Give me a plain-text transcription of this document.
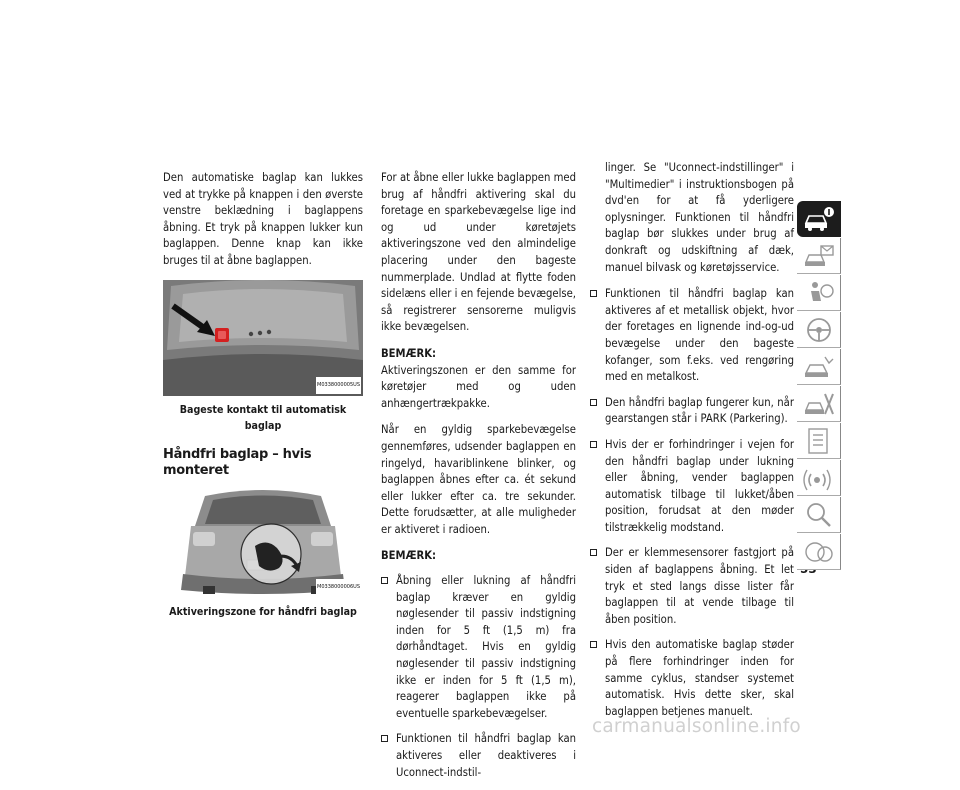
Den automatiske baglap kan lukkes ved at trykke på knappen i den øverste venstre beklædning i baglappens åbning. Et tryk på knappen lukker kun baglappen. Denne knap kan ikke bruges til at åbne baglappen.

M0338000005US
Bageste kontakt til automatisk baglap
Håndfri baglap – hvis monteret
M0338000006US
Aktiveringszone for håndfri baglap

For at åbne eller lukke baglappen med brug af håndfri aktivering skal du foretage en sparkebevægelse lige ind og ud under køretøjets aktiveringszone ved den almindelige placering under den bageste nummerplade. Undlad at flytte foden sidelæns eller i en fejende bevægelse, så registrerer sensorerne muligvis ikke bevægelsen.

BEMÆRK:

Aktiveringszonen er den samme for køretøjer med og uden anhængertrækpakke.

Når en gyldig sparkebevægelse gennemføres, udsender baglappen en ringelyd, havariblinkene blinker, og baglappen åbnes efter ca. ét sekund eller lukker efter ca. tre sekunder. Dette forudsætter, at alle muligheder er aktiveret i radioen.

BEMÆRK:
Åbning eller lukning af håndfri baglap kræver en gyldig nøglesender til passiv indstigning inden for 5 ft (1,5 m) fra dørhåndtaget. Hvis en gyldig nøglesender til passiv indstigning ikke er inden for 5 ft (1,5 m), reagerer baglappen ikke på eventuelle sparkebevægelser.
Funktionen til håndfri baglap kan aktiveres eller deaktiveres i Uconnect-indstil-

linger. Se "Uconnect-indstillinger" i "Multimedier" i instruktionsbogen på dvd'en for at få yderligere oplysninger. Funktionen til håndfri baglap bør slukkes under brug af donkraft og udskiftning af dæk, manuel bilvask og køretøjsservice.

Funktionen til håndfri baglap kan aktiveres af et metallisk objekt, hvor der foretages en lignende ind-og-ud bevægelse under den bageste kofanger, som f.eks. ved rengøring med en metalkost.
Den håndfri baglap fungerer kun, når gearstangen står i PARK (Parkering).
Hvis der er forhindringer i vejen for den håndfri baglap under lukning eller åbning, vender baglappen automatisk tilbage til lukket/åben position, forudsat at den møder tilstrækkelig modstand.
Der er klemmesensorer fastgjort på siden af baglappens åbning. Et let tryk et sted langs disse lister får baglappen til at vende tilbage til åben position.
Hvis den automatiske baglap støder på flere forhindringer inden for samme cyklus, standser systemet automatisk. Hvis dette sker, skal baglappen betjenes manuelt.
carmanualsonline.info
